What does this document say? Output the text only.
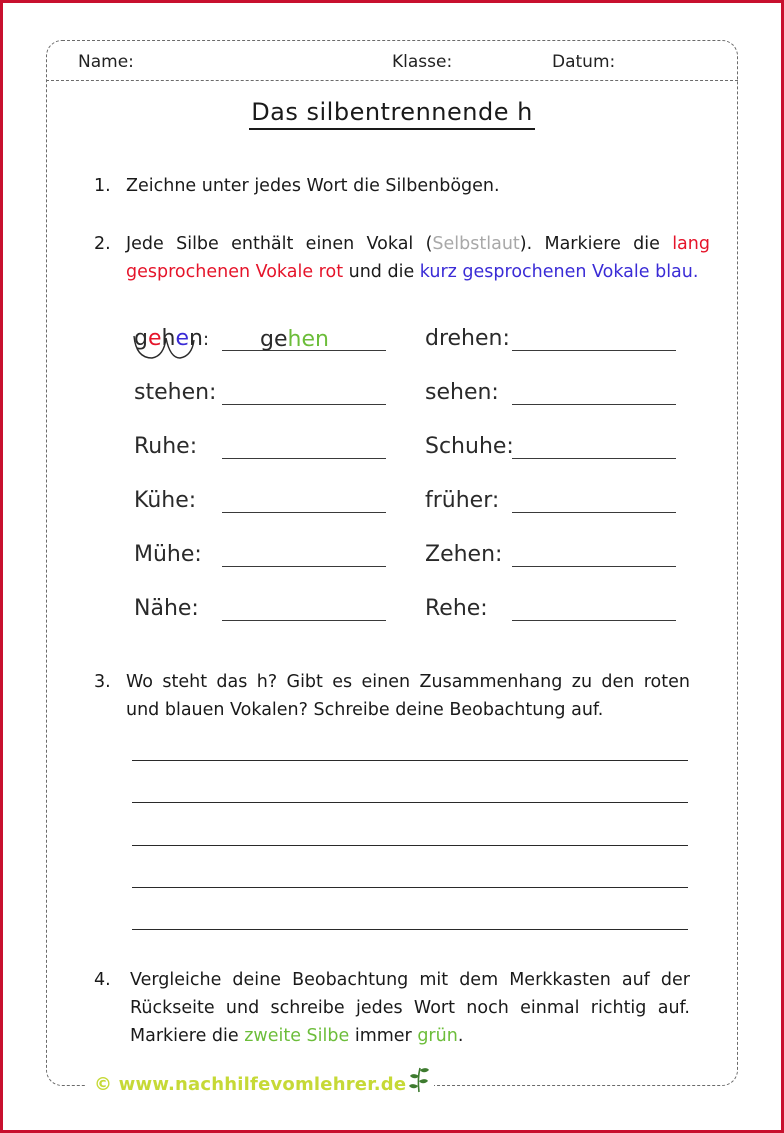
Name:	Klasse:	Datum:
Das silbentrennende h
1. Zeichne unter jedes Wort die Silbenbögen.
2. Jede Silbe enthält einen Vokal (Selbstlaut). Markiere die lang
gesprochenen Vokale rot und die kurz gesprochenen Vokale blau.
gehen: gehen
stehen:
Ruhe:
Kühe:
Mühe:
Nähe:
drehen:
sehen:
Schuhe:
früher:
Zehen:
Rehe:
3. Wo steht das h? Gibt es einen Zusammenhang zu den roten
und blauen Vokalen? Schreibe deine Beobachtung auf.
4. Vergleiche deine Beobachtung mit dem Merkkasten auf der
Rückseite und schreibe jedes Wort noch einmal richtig auf.
Markiere die zweite Silbe immer grün.
© www.nachhilfevomlehrer.de
